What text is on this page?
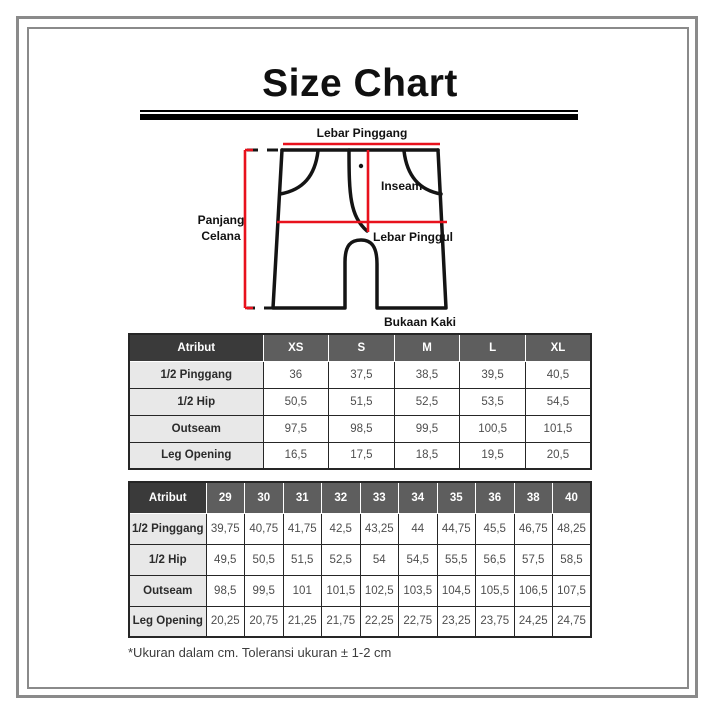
Size Chart
Lebar Pinggang
Inseam
Panjang
Celana	Lebar Pinggul
Bukaan Kaki
Atribut	XS	S	M	L	XL
1/2 Pinggang	36	37,5	38,5	39,5	40,5
1/2 Hip	50,5	51,5	52,5	53,5	54,5
Outseam	97,5	98,5	99,5	100,5	101,5
Leg Opening	16,5	17,5	18,5	19,5	20,5
Atribut	29	30	31	32	33	34	35	36	38	40
1/2 Pinggang	39,75	40,75	41,75	42,5	43,25	44	44,75	45,5	46,75	48,25
1/2 Hip	49,5	50,5	51,5	52,5	54	54,5	55,5	56,5	57,5	58,5
Outseam	98,5	99,5	101	101,5	102,5	103,5	104,5	105,5	106,5	107,5
Leg Opening	20,25	20,75	21,25	21,75	22,25	22,75	23,25	23,75	24,25	24,75
*Ukuran dalam cm. Toleransi ukuran ± 1-2 cm
